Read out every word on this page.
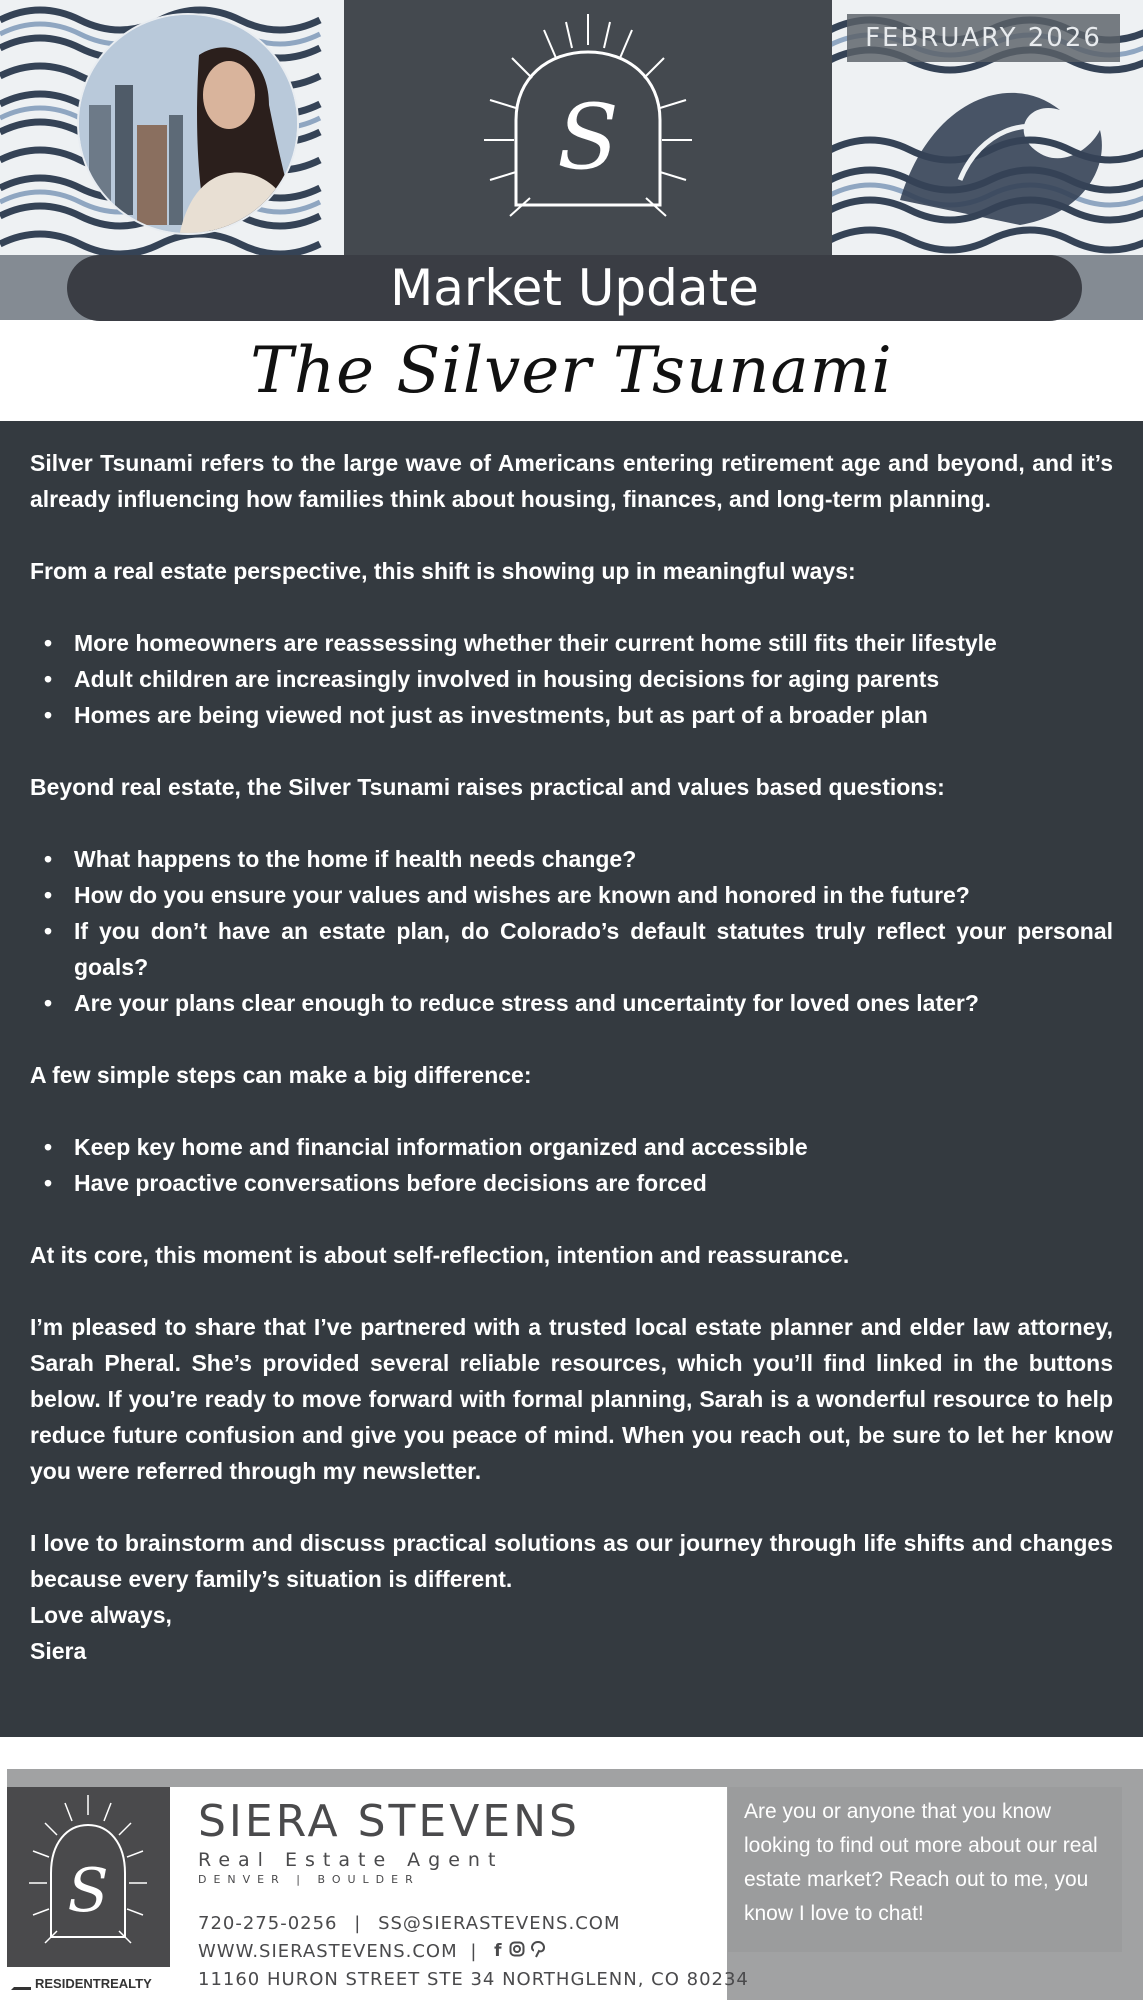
S
FEBRUARY 2026
Market Update
The Silver Tsunami

Silver Tsunami refers to the large wave of Americans entering retirement age and beyond, and it’s already influencing how families think about housing, finances, and long-term planning.

From a real estate perspective, this shift is showing up in meaningful ways:

• More homeowners are reassessing whether their current home still fits their lifestyle
• Adult children are increasingly involved in housing decisions for aging parents
• Homes are being viewed not just as investments, but as part of a broader plan

Beyond real estate, the Silver Tsunami raises practical and values based questions:

• What happens to the home if health needs change?
• How do you ensure your values and wishes are known and honored in the future?
• If you don’t have an estate plan, do Colorado’s default statutes truly reflect your personal goals?
• Are your plans clear enough to reduce stress and uncertainty for loved ones later?

A few simple steps can make a big difference:

• Keep key home and financial information organized and accessible
• Have proactive conversations before decisions are forced

At its core, this moment is about self-reflection, intention and reassurance.

I’m pleased to share that I’ve partnered with a trusted local estate planner and elder law attorney, Sarah Pheral. She’s provided several reliable resources, which you’ll find linked in the buttons below. If you’re ready to move forward with formal planning, Sarah is a wonderful resource to help reduce future confusion and give you peace of mind. When you reach out, be sure to let her know you were referred through my newsletter.

I love to brainstorm and discuss practical solutions as our journey through life shifts and changes because every family’s situation is different.

Love always,

Siera

S
RESIDENTREALTY
SIERA STEVENS
Real Estate Agent
DENVER | BOULDER
720-275-0256 | SS@SIERASTEVENS.COM
WWW.SIERASTEVENS.COM | f
11160 HURON STREET STE 34 NORTHGLENN, CO 80234
Are you or anyone that you know looking to find out more about our real estate market? Reach out to me, you know I love to chat!
